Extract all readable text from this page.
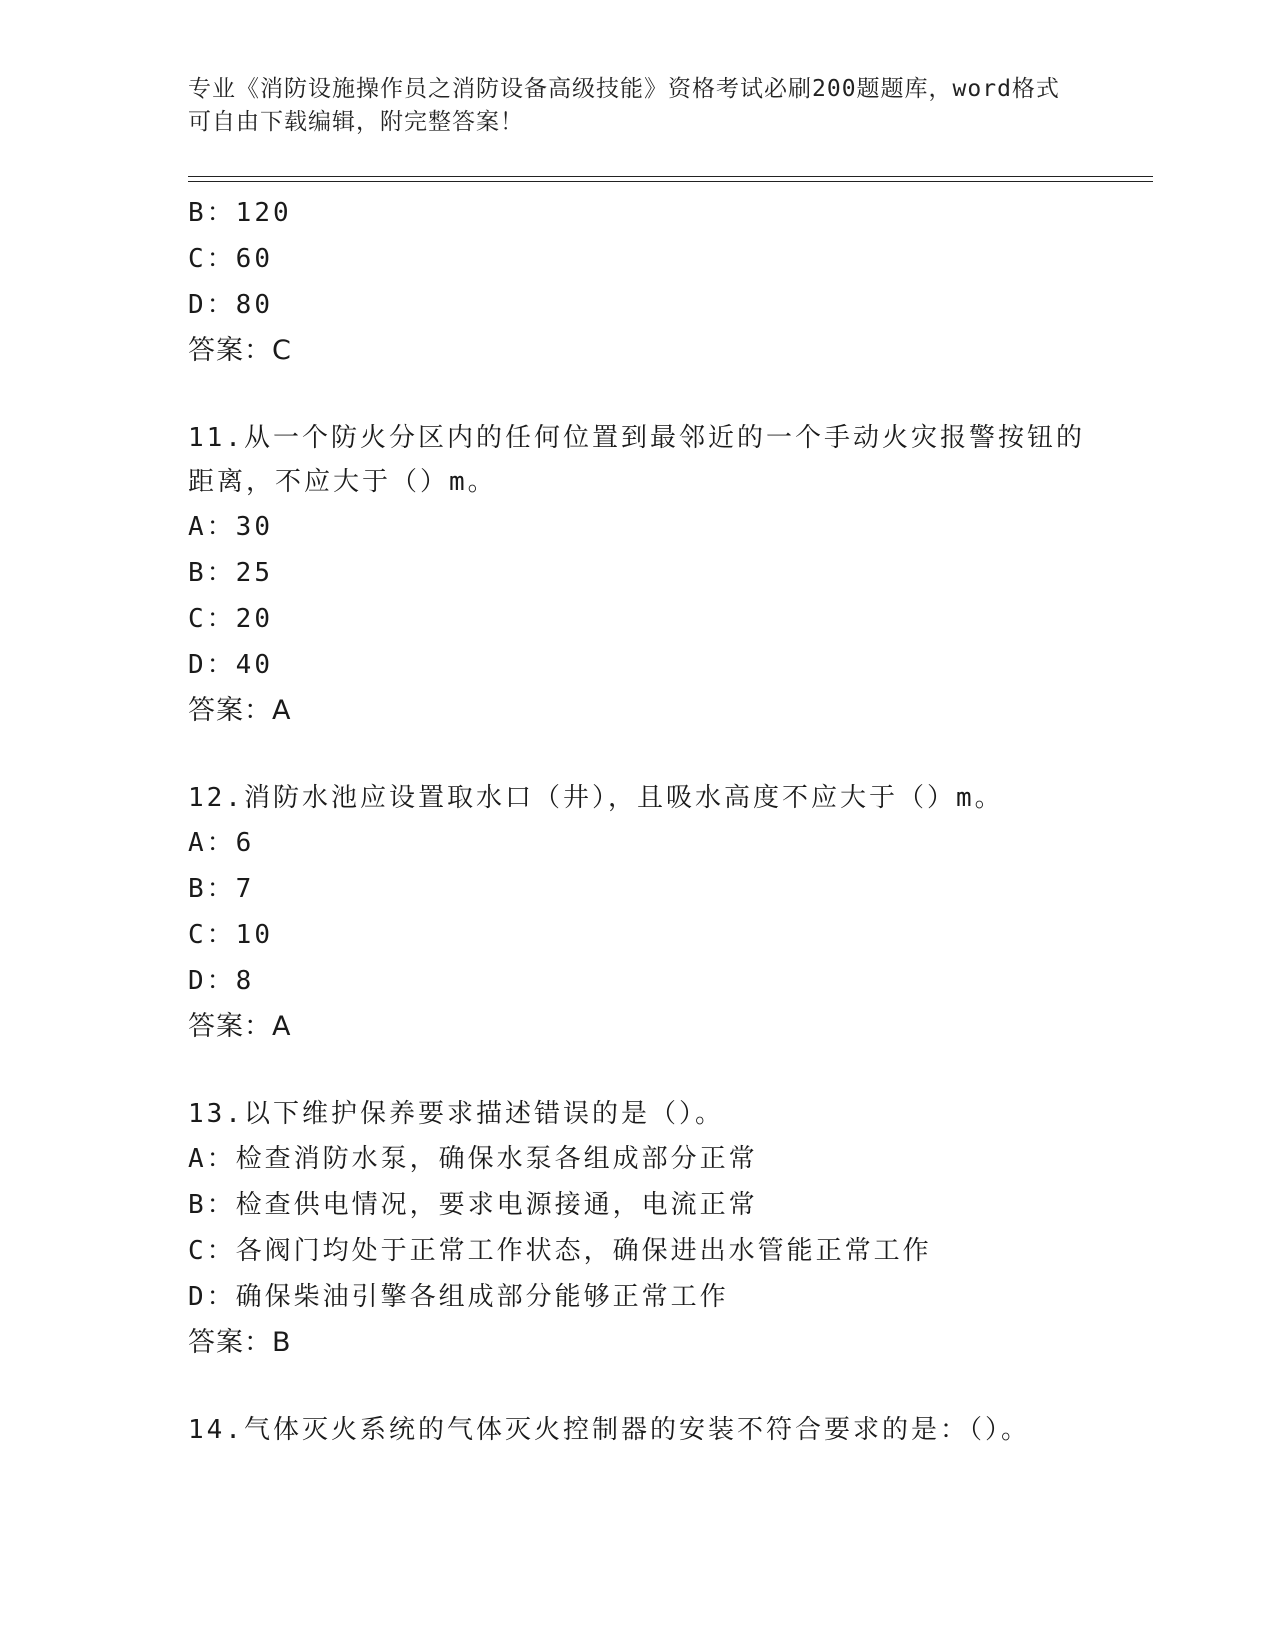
专业《消防设施操作员之消防设备高级技能》资格考试必刷200题题库，word格式可自由下载编辑，附完整答案！
B：120
C：60
D：80
答案：C
11.从一个防火分区内的任何位置到最邻近的一个手动火灾报警按钮的距离，不应大于（）m。
A：30
B：25
C：20
D：40
答案：A
12.消防水池应设置取水口（井），且吸水高度不应大于（）m。
A：6
B：7
C：10
D：8
答案：A
13.以下维护保养要求描述错误的是（）。
A：检查消防水泵，确保水泵各组成部分正常
B：检查供电情况，要求电源接通，电流正常
C：各阀门均处于正常工作状态，确保进出水管能正常工作
D：确保柴油引擎各组成部分能够正常工作
答案：B
14.气体灭火系统的气体灭火控制器的安装不符合要求的是：（）。
